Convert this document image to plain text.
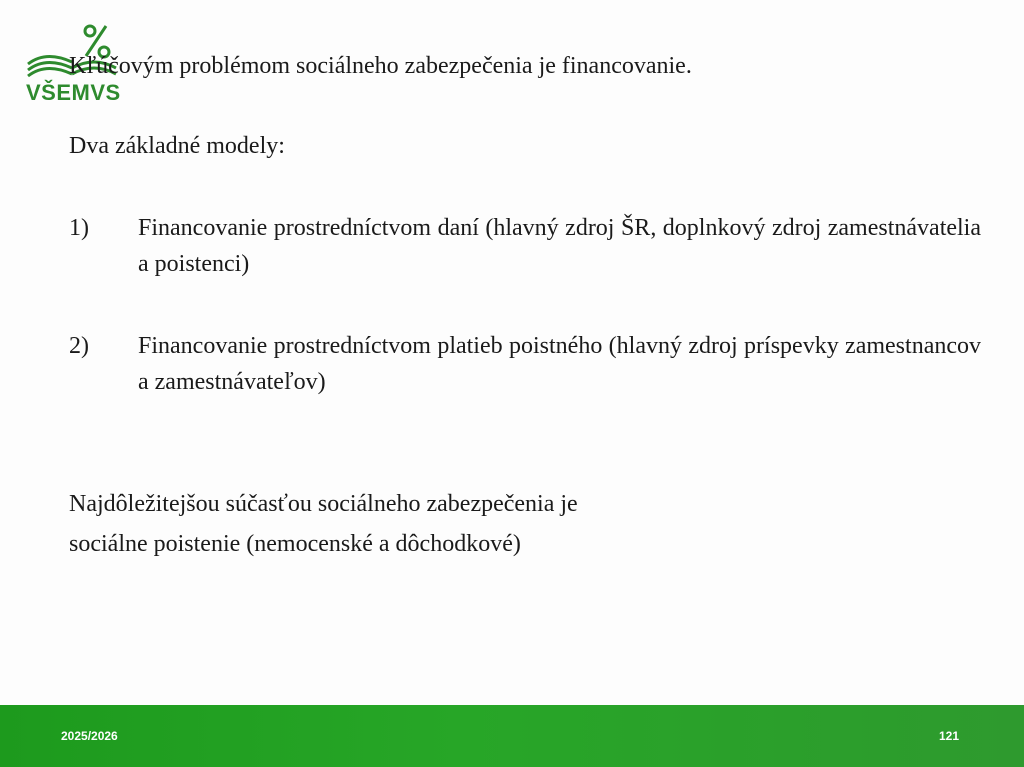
VŠEMVS
Kľúčovým problémom sociálneho zabezpečenia je financovanie.
Dva základné modely:
1) Financovanie prostredníctvom daní (hlavný zdroj ŠR, doplnkový zdroj zamestnávatelia a poistenci)
2) Financovanie prostredníctvom platieb poistného (hlavný zdroj príspevky zamestnancov a zamestnávateľov)
Najdôležitejšou súčasťou sociálneho zabezpečenia je
sociálne poistenie (nemocenské a dôchodkové)
2025/2026	121
